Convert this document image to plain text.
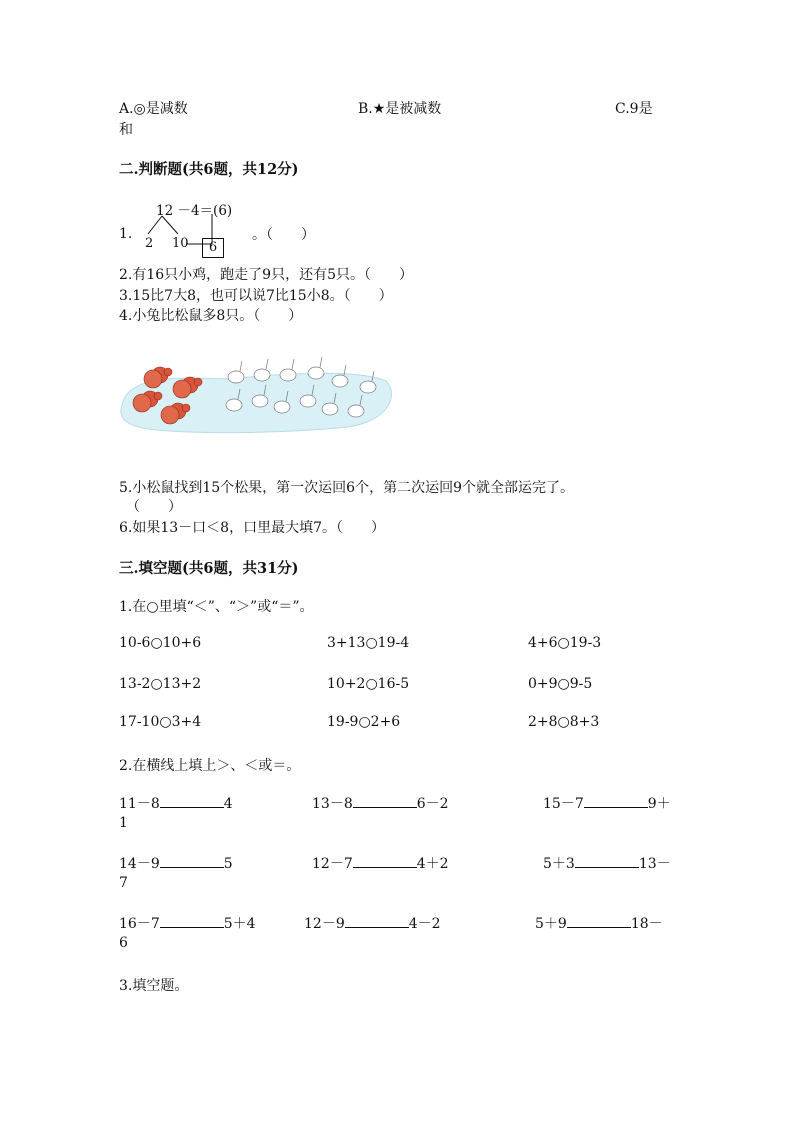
A.◎是减数	B.★是被减数	C.9是
和
二.判断题(共6题，共12分)
1.
12 －4＝(6)
2 10	6
。（　　）
2.有16只小鸡，跑走了9只，还有5只。（　　）
3.15比7大8，也可以说7比15小8。（　　）
4.小兔比松鼠多8只。（　　）
5.小松鼠找到15个松果，第一次运回6个，第二次运回9个就全部运完了。
（　　）
6.如果13－口＜8，口里最大填7。（　　）
三.填空题(共6题，共31分)
1.在○里填“＜”、“＞”或“＝”。
10-6○10+6	3+13○19-4	4+6○19-3
13-2○13+2	10+2○16-5	0+9○9-5
17-10○3+4	19-9○2+6	2+8○8+3
2.在横线上填上＞、＜或＝。
11－8	4	13－8	6－2	15－7	9＋
1
14－9	5	12－7	4＋2	5＋3	13－
7
16－7	5＋4	12－9	4－2	5＋9	18－
6
3.填空题。
